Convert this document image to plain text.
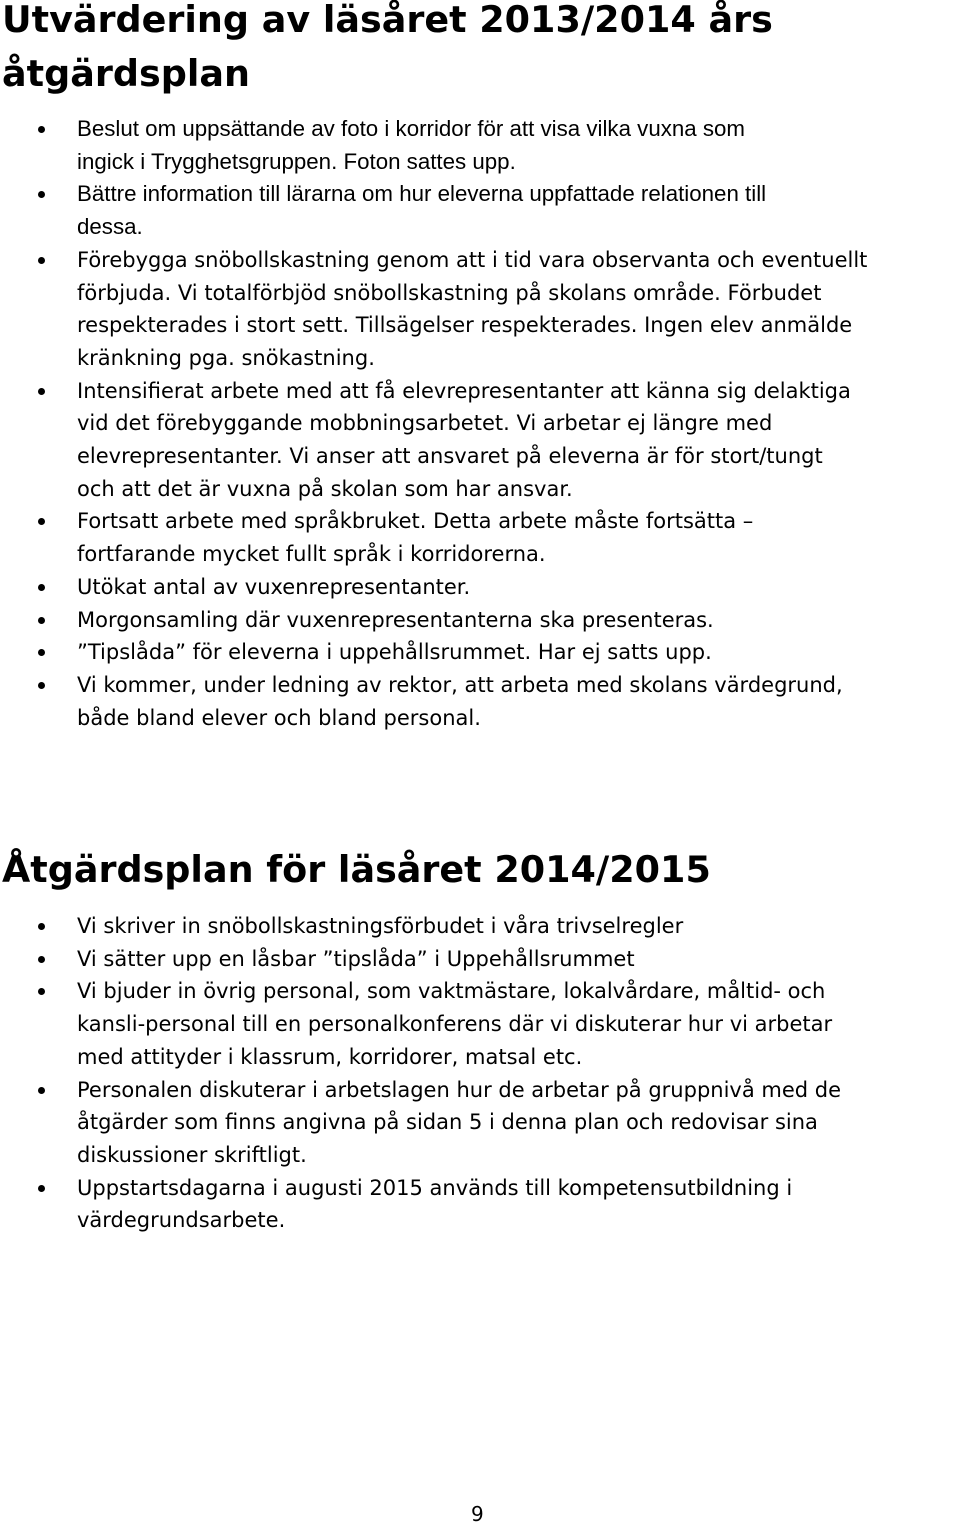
Utvärdering av läsåret 2013/2014 års
åtgärdsplan
Beslut om uppsättande av foto i korridor för att visa vilka vuxna som
ingick i Trygghetsgruppen. Foton sattes upp.
Bättre information till lärarna om hur eleverna uppfattade relationen till
dessa.
Förebygga snöbollskastning genom att i tid vara observanta och eventuellt
förbjuda. Vi totalförbjöd snöbollskastning på skolans område. Förbudet
respekterades i stort sett. Tillsägelser respekterades. Ingen elev anmälde
kränkning pga. snökastning.
Intensifierat arbete med att få elevrepresentanter att känna sig delaktiga
vid det förebyggande mobbningsarbetet. Vi arbetar ej längre med
elevrepresentanter. Vi anser att ansvaret på eleverna är för stort/tungt
och att det är vuxna på skolan som har ansvar.
Fortsatt arbete med språkbruket. Detta arbete måste fortsätta –
fortfarande mycket fullt språk i korridorerna.
Utökat antal av vuxenrepresentanter.
Morgonsamling där vuxenrepresentanterna ska presenteras.
”Tipslåda” för eleverna i uppehållsrummet. Har ej satts upp.
Vi kommer, under ledning av rektor, att arbeta med skolans värdegrund,
både bland elever och bland personal.
Åtgärdsplan för läsåret 2014/2015
Vi skriver in snöbollskastningsförbudet i våra trivselregler
Vi sätter upp en låsbar ”tipslåda” i Uppehållsrummet
Vi bjuder in övrig personal, som vaktmästare, lokalvårdare, måltid- och
kansli-personal till en personalkonferens där vi diskuterar hur vi arbetar
med attityder i klassrum, korridorer, matsal etc.
Personalen diskuterar i arbetslagen hur de arbetar på gruppnivå med de
åtgärder som finns angivna på sidan 5 i denna plan och redovisar sina
diskussioner skriftligt.
Uppstartsdagarna i augusti 2015 används till kompetensutbildning i
värdegrundsarbete.
9
